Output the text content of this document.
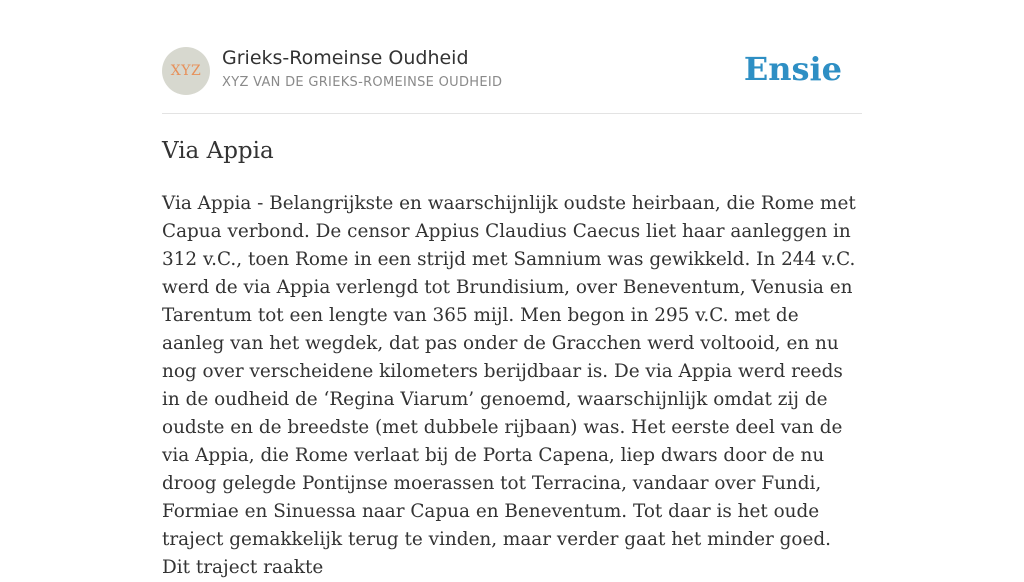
XYZ
Grieks-Romeinse Oudheid
XYZ VAN DE GRIEKS-ROMEINSE OUDHEID	Ensie
Via Appia

Via Appia - Belangrijkste en waarschijnlijk oudste heirbaan, die Rome met Capua verbond. De censor Appius Claudius Caecus liet haar aanleggen in 312 v.C., toen Rome in een strijd met Samnium was gewikkeld. In 244 v.C. werd de via Appia verlengd tot Brundisium, over Beneventum, Venusia en Tarentum tot een lengte van 365 mijl. Men begon in 295 v.C. met de aanleg van het wegdek, dat pas onder de Gracchen werd voltooid, en nu nog over verscheidene kilometers berijdbaar is. De via Appia werd reeds in de oudheid de ‘Regina Viarum’ genoemd, waarschijnlijk omdat zij de oudste en de breedste (met dubbele rijbaan) was. Het eerste deel van de via Appia, die Rome verlaat bij de Porta Capena, liep dwars door de nu droog gelegde Pontijnse moerassen tot Terracina, vandaar over Fundi, Formiae en Sinuessa naar Capua en Beneventum. Tot daar is het oude traject gemakkelijk terug te vinden, maar verder gaat het minder goed. Dit traject raakte
